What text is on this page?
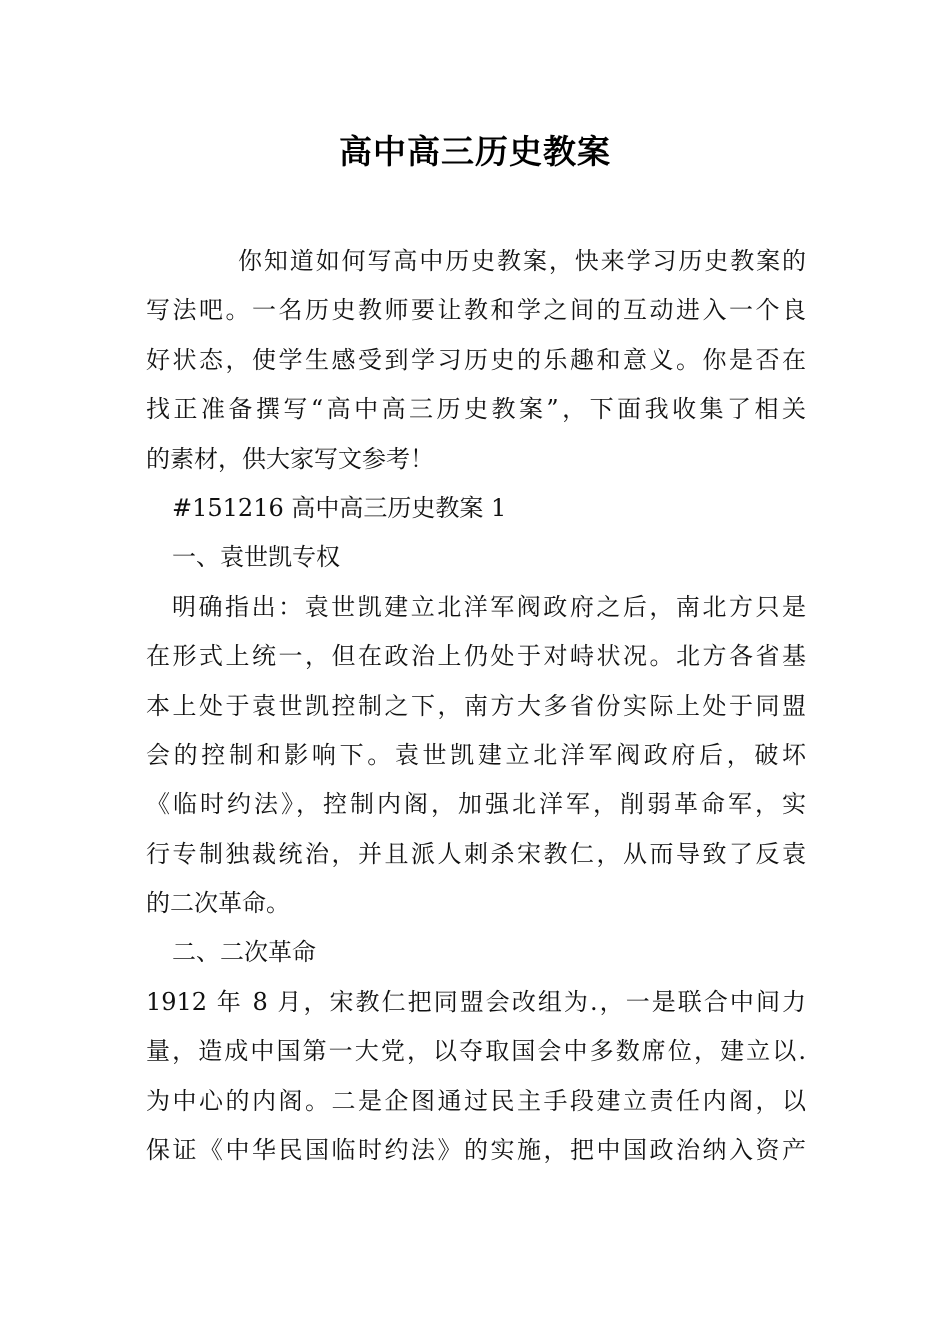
高中高三历史教案
你知道如何写高中历史教案，快来学习历史教案的
写法吧。一名历史教师要让教和学之间的互动进入一个良
好状态，使学生感受到学习历史的乐趣和意义。你是否在
找正准备撰写“高中高三历史教案”，下面我收集了相关
的素材，供大家写文参考！
#151216 高中高三历史教案 1
一、袁世凯专权
明确指出：袁世凯建立北洋军阀政府之后，南北方只是
在形式上统一，但在政治上仍处于对峙状况。北方各省基
本上处于袁世凯控制之下，南方大多省份实际上处于同盟
会的控制和影响下。袁世凯建立北洋军阀政府后，破坏
《临时约法》，控制内阁，加强北洋军，削弱革命军，实
行专制独裁统治，并且派人刺杀宋教仁，从而导致了反袁
的二次革命。
二、二次革命
1912 年 8 月，宋教仁把同盟会改组为.，一是联合中间力
量，造成中国第一大党，以夺取国会中多数席位，建立以.
为中心的内阁。二是企图通过民主手段建立责任内阁，以
保证《中华民国临时约法》的实施，把中国政治纳入资产
